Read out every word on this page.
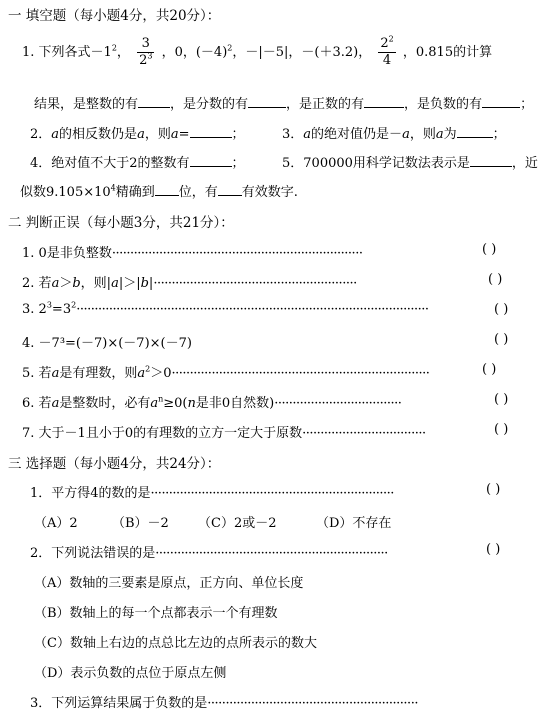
一 填空题（每小题4分，共20分）：
1. 下列各式$-1^2$， $\frac{3}{2^3}$ ，0，$(-4)^2$，－|－5|，－(＋3.2)， $\frac{2^2}{4}$ ，0.815的计算
结果，是整数的有 ，是分数的有	，是正数的有	，是负数的有	；
2．a的相反数仍是a，则a=	；	3．a的绝对值仍是－a，则a为	；
4．绝对值不大于2的整数有	；	5．700000用科学记数法表示是	，近
似数$9.105\times 10^4$精确到 位，有 有效数字.
二 判断正误（每小题3分，共21分）：
1. 0是非负整数·····································································	( )
2. 若a＞b，则|a|＞|b|························································	( )
3. $2^3=3^2\cdot\cdot\cdot\cdot\cdot\cdot\cdot\cdot\cdot\cdot\cdot\cdot\cdot\cdot\cdot\cdot\cdot\cdot\cdot\cdot\cdot\cdot\cdot\cdot\cdot\cdot\cdot\cdot\cdot\cdot\cdot\cdot\cdot\cdot\cdot\cdot\cdot\cdot\cdot\cdot\cdot\cdot\cdot\cdot\cdot\cdot\cdot\cdot\cdot\cdot\cdot\cdot\cdot\cdot\cdot\cdot\cdot\cdot\cdot\cdot\cdot\cdot\cdot\cdot\cdot\cdot\cdot\cdot\cdot\cdot\cdot\cdot\cdot\cdot\cdot\cdot\cdot\cdot\cdot\cdot\cdot\cdot\cdot\cdot\cdot\cdot\cdot\cdot\cdot\cdot\cdot\cdot\cdot\cdot\cdot\cdot\cdot$	( )
4. －7³=(－7)×(－7)×(－7)	( )
5. 若a是有理数，则$a^2>0\cdot\cdot\cdot\cdot\cdot\cdot\cdot\cdot\cdot\cdot\cdot\cdot\cdot\cdot\cdot\cdot\cdot\cdot\cdot\cdot\cdot\cdot\cdot\cdot\cdot\cdot\cdot\cdot\cdot\cdot\cdot\cdot\cdot\cdot\cdot\cdot\cdot\cdot\cdot\cdot\cdot\cdot\cdot\cdot\cdot\cdot\cdot\cdot\cdot\cdot\cdot\cdot\cdot\cdot\cdot\cdot\cdot\cdot\cdot\cdot\cdot\cdot\cdot\cdot\cdot\cdot\cdot\cdot\cdot\cdot\cdot$	( )
6. 若a是整数时，必有$a^n\ge 0(n$是非0自然数)···································	( )
7. 大于－1且小于0的有理数的立方一定大于原数··································	( )
三 选择题（每小题4分，共24分）：
1．平方得4的数的是···································································	( )
（A）2	（B）－2 （C）2或－2	（D）不存在
2．下列说法错误的是································································	( )
（A）数轴的三要素是原点，正方向、单位长度
（B）数轴上的每一个点都表示一个有理数
（C）数轴上右边的点总比左边的点所表示的数大
（D）表示负数的点位于原点左侧
3．下列运算结果属于负数的是··························································
